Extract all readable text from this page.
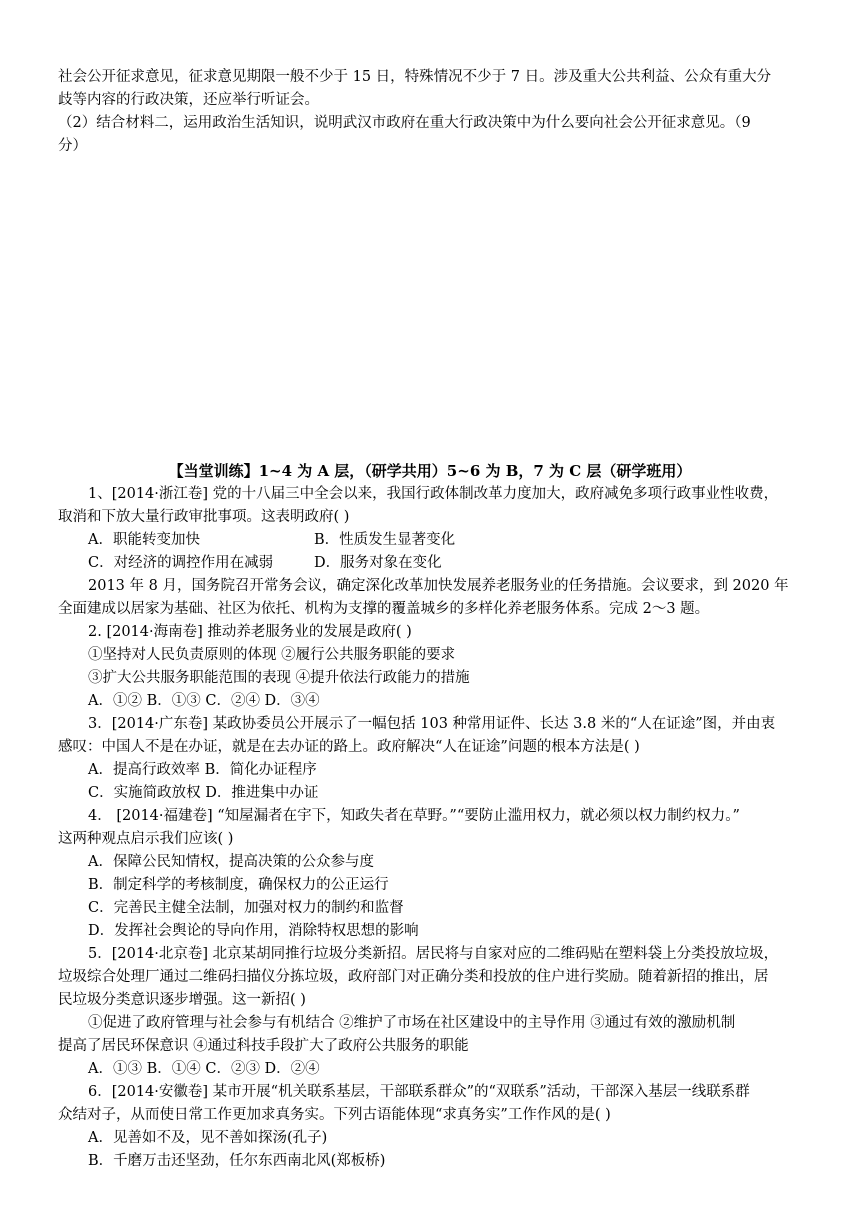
社会公开征求意见，征求意见期限一般不少于 15 日，特殊情况不少于 7 日。涉及重大公共利益、公众有重大分
歧等内容的行政决策，还应举行听证会。
（2）结合材料二，运用政治生活知识，说明武汉市政府在重大行政决策中为什么要向社会公开征求意见。（9
分）
【当堂训练】1~4 为 A 层，（研学共用）5~6 为 B，7 为 C 层（研学班用）
1、[2014·浙江卷] 党的十八届三中全会以来，我国行政体制改革力度加大，政府减免多项行政事业性收费，
取消和下放大量行政审批事项。这表明政府( )
A．职能转变加快	B．性质发生显著变化
C．对经济的调控作用在减弱	D．服务对象在变化
2013 年 8 月，国务院召开常务会议，确定深化改革加快发展养老服务业的任务措施。会议要求，到 2020 年
全面建成以居家为基础、社区为依托、机构为支撑的覆盖城乡的多样化养老服务体系。完成 2～3 题。
2. [2014·海南卷] 推动养老服务业的发展是政府( )
①坚持对人民负责原则的体现 ②履行公共服务职能的要求
③扩大公共服务职能范围的表现 ④提升依法行政能力的措施
A．①② B．①③ C．②④ D．③④
3．[2014·广东卷] 某政协委员公开展示了一幅包括 103 种常用证件、长达 3.8 米的“人在证途”图，并由衷
感叹：中国人不是在办证，就是在去办证的路上。政府解决“人在证途”问题的根本方法是( )
A．提高行政效率 B．简化办证程序
C．实施简政放权 D．推进集中办证
4． [2014·福建卷] “知屋漏者在宇下，知政失者在草野。”“要防止滥用权力，就必须以权力制约权力。”
这两种观点启示我们应该( )
A．保障公民知情权，提高决策的公众参与度
B．制定科学的考核制度，确保权力的公正运行
C．完善民主健全法制，加强对权力的制约和监督
D．发挥社会舆论的导向作用，消除特权思想的影响
5．[2014·北京卷] 北京某胡同推行垃圾分类新招。居民将与自家对应的二维码贴在塑料袋上分类投放垃圾，
垃圾综合处理厂通过二维码扫描仪分拣垃圾，政府部门对正确分类和投放的住户进行奖励。随着新招的推出，居
民垃圾分类意识逐步增强。这一新招( )
①促进了政府管理与社会参与有机结合 ②维护了市场在社区建设中的主导作用 ③通过有效的激励机制
提高了居民环保意识 ④通过科技手段扩大了政府公共服务的职能
A．①③ B．①④ C．②③ D．②④
6．[2014·安徽卷] 某市开展“机关联系基层，干部联系群众”的“双联系”活动，干部深入基层一线联系群
众结对子，从而使日常工作更加求真务实。下列古语能体现“求真务实”工作作风的是( )
A．见善如不及，见不善如探汤(孔子)
B．千磨万击还坚劲，任尔东西南北风(郑板桥)
